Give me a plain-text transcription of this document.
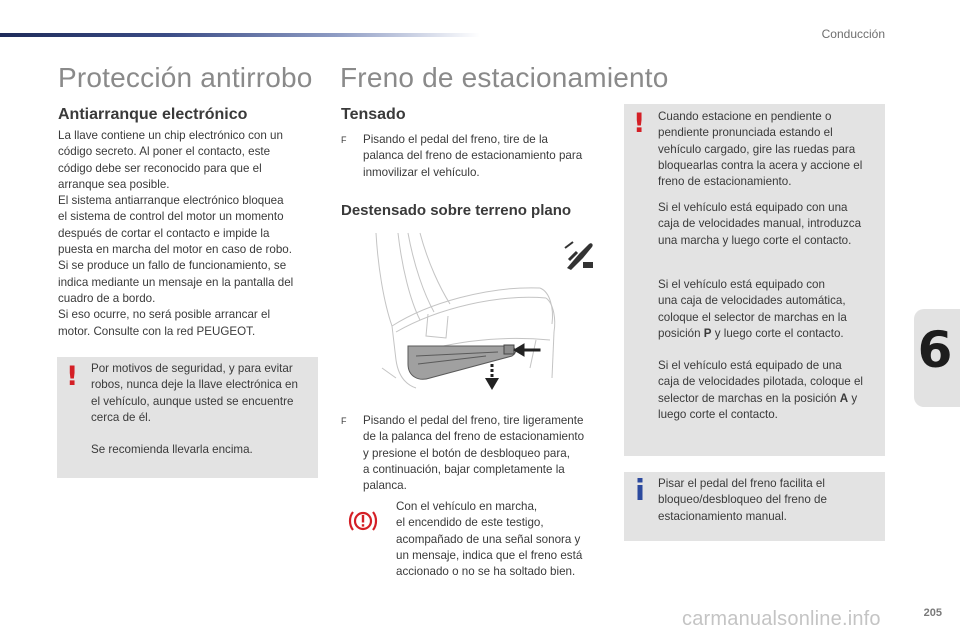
Conducción
Protección antirrobo
Antiarranque electrónico
La llave contiene un chip electrónico con un
código secreto. Al poner el contacto, este
código debe ser reconocido para que el
arranque sea posible.
El sistema antiarranque electrónico bloquea
el sistema de control del motor un momento
después de cortar el contacto e impide la
puesta en marcha del motor en caso de robo.
Si se produce un fallo de funcionamiento, se
indica mediante un mensaje en la pantalla del
cuadro de a bordo.
Si eso ocurre, no será posible arrancar el
motor. Consulte con la red PEUGEOT.
! Por motivos de seguridad, y para evitar
robos, nunca deje la llave electrónica en
el vehículo, aunque usted se encuentre
cerca de él.
Se recomienda llevarla encima.
Freno de estacionamiento
Tensado
F Pisando el pedal del freno, tire de la
palanca del freno de estacionamiento para
inmovilizar el vehículo.
Destensado sobre terreno plano
F Pisando el pedal del freno, tire ligeramente
de la palanca del freno de estacionamiento
y presione el botón de desbloqueo para,
a continuación, bajar completamente la
palanca.
Con el vehículo en marcha,
el encendido de este testigo,
acompañado de una señal sonora y
un mensaje, indica que el freno está
accionado o no se ha soltado bien.
! Cuando estacione en pendiente o
pendiente pronunciada estando el
vehículo cargado, gire las ruedas para
bloquearlas contra la acera y accione el
freno de estacionamiento.
Si el vehículo está equipado con una
caja de velocidades manual, introduzca
una marcha y luego corte el contacto.
Si el vehículo está equipado con
una caja de velocidades automática,
coloque el selector de marchas en la
posición P y luego corte el contacto.
Si el vehículo está equipado de una
caja de velocidades pilotada, coloque el
selector de marchas en la posición A y
luego corte el contacto.
Pisar el pedal del freno facilita el
bloqueo/desbloqueo del freno de
estacionamiento manual.
6
carmanualsonline.info	205
